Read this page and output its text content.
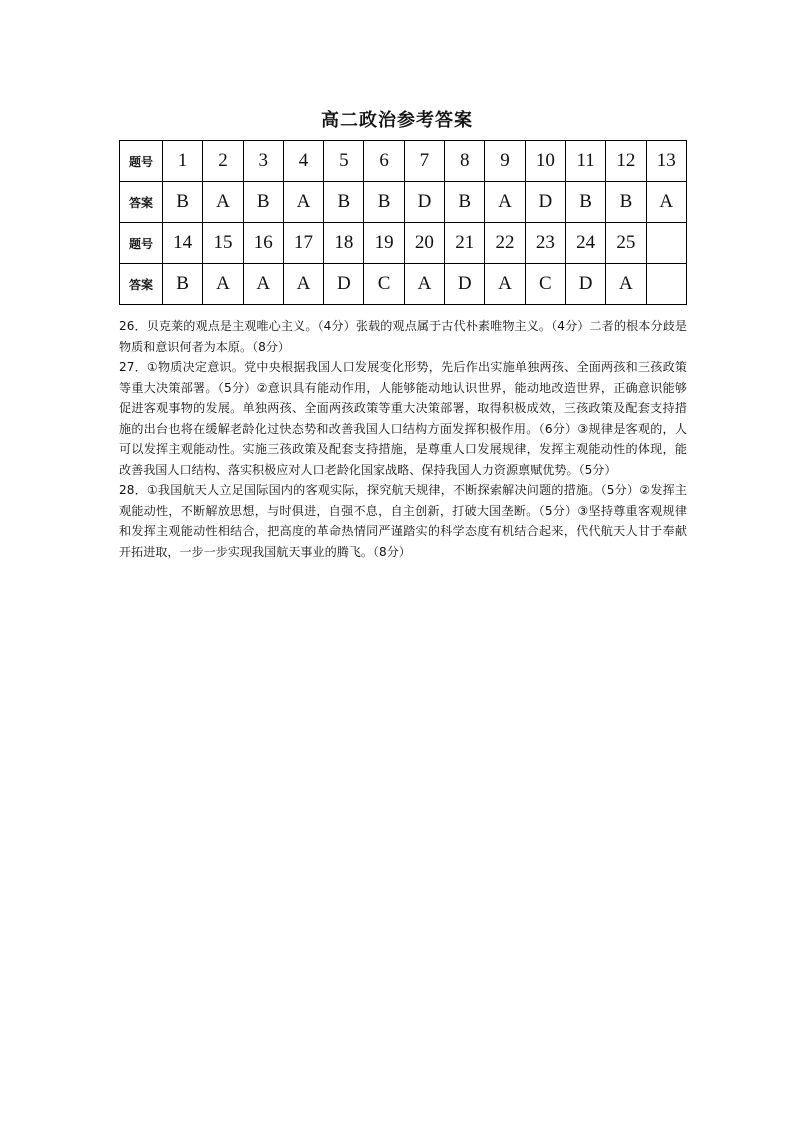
高二政治参考答案
题号	1	2	3	4	5	6	7	8	9	10	11	12	13
答案	B	A	B	A	B	B	D	B	A	D	B	B	A
题号	14	15	16	17	18	19	20	21	22	23	24	25	
答案	B	A	A	A	D	C	A	D	A	C	D	A	

26．贝克莱的观点是主观唯心主义。（4分）张载的观点属于古代朴素唯物主义。（4分）二者的根本分歧是物质和意识何者为本原。（8分）

27．①物质决定意识。党中央根据我国人口发展变化形势，先后作出实施单独两孩、全面两孩和三孩政策等重大决策部署。（5分）②意识具有能动作用，人能够能动地认识世界，能动地改造世界，正确意识能够促进客观事物的发展。单独两孩、全面两孩政策等重大决策部署，取得积极成效，三孩政策及配套支持措施的出台也将在缓解老龄化过快态势和改善我国人口结构方面发挥积极作用。（6分）③规律是客观的，人可以发挥主观能动性。实施三孩政策及配套支持措施，是尊重人口发展规律，发挥主观能动性的体现，能改善我国人口结构、落实积极应对人口老龄化国家战略、保持我国人力资源禀赋优势。（5分）

28．①我国航天人立足国际国内的客观实际，探究航天规律，不断探索解决问题的措施。（5分）②发挥主观能动性，不断解放思想，与时俱进，自强不息，自主创新，打破大国垄断。（5分）③坚持尊重客观规律和发挥主观能动性相结合，把高度的革命热情同严谨踏实的科学态度有机结合起来，代代航天人甘于奉献开拓进取，一步一步实现我国航天事业的腾飞。（8分）
